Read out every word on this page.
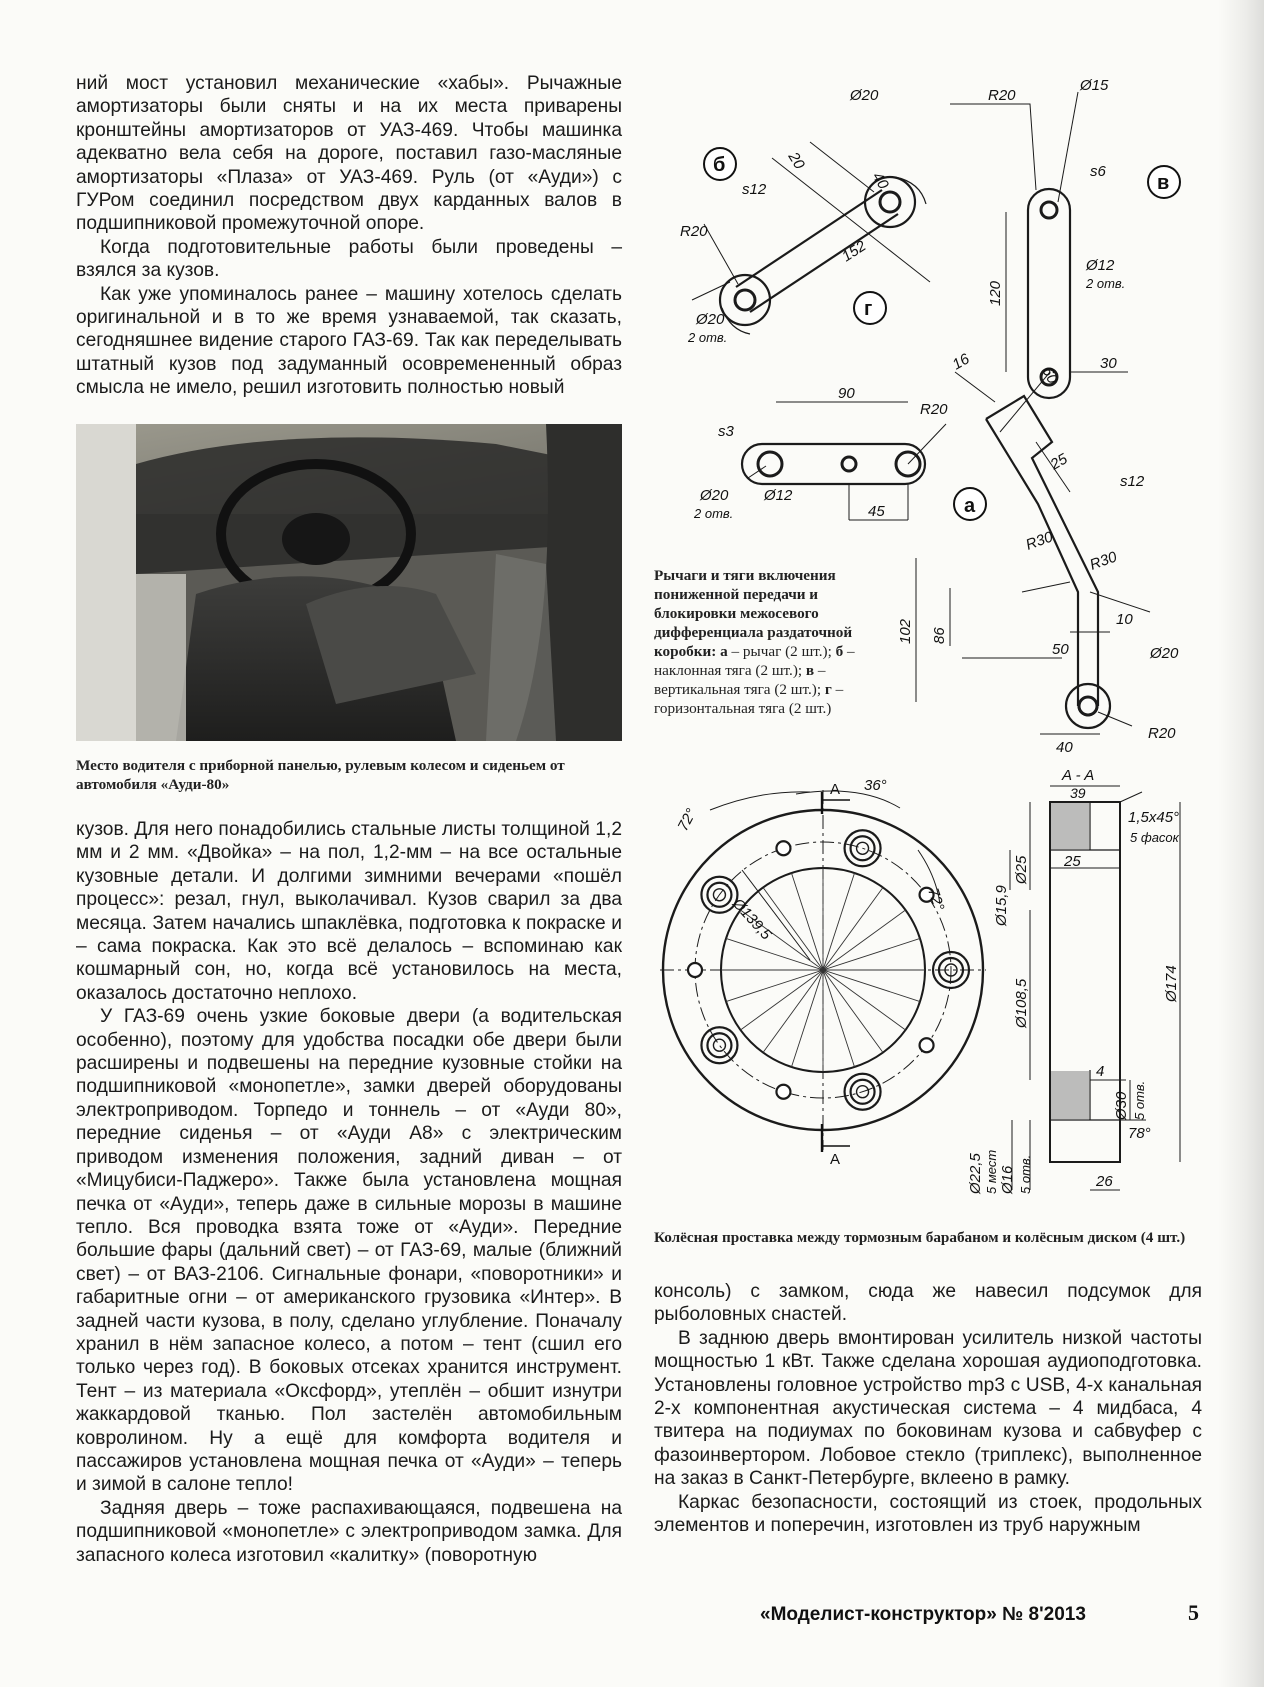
ний мост установил механические «хабы». Рычажные амортизаторы были сняты и на их места приварены кронштейны амортизаторов от УАЗ-469. Чтобы машинка адекватно вела себя на дороге, поставил газо-масляные амортизаторы «Плаза» от УАЗ-469. Руль (от «Ауди») с ГУРом соединил посредством двух карданных валов в подшипниковой промежуточной опоре.

Когда подготовительные работы были проведены – взялся за кузов.

Как уже упоминалось ранее – машину хотелось сделать оригинальной и в то же время узнаваемой, так сказать, сегодняшнее видение старого ГАЗ-69. Так как переделывать штатный кузов под задуманный осовремененный образ смысла не имело, решил изготовить полностью новый

Место водителя с приборной панелью, рулевым колесом и сиденьем от автомобиля «Ауди-80»

кузов. Для него понадобились стальные листы толщиной 1,2 мм и 2 мм. «Двойка» – на пол, 1,2-мм – на все остальные кузовные детали. И долгими зимними вечерами «пошёл процесс»: резал, гнул, выколачивал. Кузов сварил за два месяца. Затем начались шпаклёвка, подготовка к покраске и – сама покраска. Как это всё делалось – вспоминаю как кошмарный сон, но, когда всё установилось на места, оказалось достаточно неплохо.

У ГАЗ-69 очень узкие боковые двери (а водительская особенно), поэтому для удобства посадки обе двери были расширены и подвешены на передние кузовные стойки на подшипниковой «монопетле», замки дверей оборудованы электроприводом. Торпедо и тоннель – от «Ауди 80», передние сиденья – от «Ауди А8» с электрическим приводом изменения положения, задний диван – от «Мицубиси-Паджеро». Также была установлена мощная печка от «Ауди», теперь даже в сильные морозы в машине тепло. Вся проводка взята тоже от «Ауди». Передние большие фары (дальний свет) – от ГАЗ-69, малые (ближний свет) – от ВАЗ-2106. Сигнальные фонари, «поворотники» и габаритные огни – от американского грузовика «Интер». В задней части кузова, в полу, сделано углубление. Поначалу хранил в нём запасное колесо, а потом – тент (сшил его только через год). В боковых отсеках хранится инструмент. Тент – из материала «Оксфорд», утеплён – обшит изнутри жаккардовой тканью. Пол застелён автомобильным ковролином. Ну а ещё для комфорта водителя и пассажиров установлена мощная печка от «Ауди» – теперь и зимой в салоне тепло!

Задняя дверь – тоже распахивающаяся, подвешена на подшипниковой «монопетле» с электроприводом замка. Для запасного колеса изготовил «калитку» (поворотную

б
в
г
а
Ø20
R20
s12
20
40
152
Ø20
2 отв.
R20
Ø15
s6
120
Ø12
2 отв.
30
90
R20
s3
Ø20
2 отв.
Ø12
45
16
60
25
s12
R30
R30
102 86
10
50	Ø20
40
R20
Рычаги и тяги включения пониженной передачи и блокировки межосевого дифференциала раздаточной коробки: а – рычаг (2 шт.); б – наклонная тяга (2 шт.); в – вертикальная тяга (2 шт.); г – горизонтальная тяга (2 шт.)
A
A
36°
72°
72°
Ø139,5
A - A
39
1,5x45°
5 фасок
Ø25
Ø15,9
25
Ø108,5	Ø174
4
Ø30 5 отв.
78°
Ø22,5 5 мест Ø16 5 отв.	26
Колёсная проставка между тормозным барабаном и колёсным диском (4 шт.)

консоль) с замком, сюда же навесил подсумок для рыболовных снастей.

В заднюю дверь вмонтирован усилитель низкой частоты мощностью 1 кВт. Также сделана хорошая аудиоподготовка. Установлены головное устройство mp3 с USB, 4-х канальная 2-х компонентная акустическая система – 4 мидбаса, 4 твитера на подиумах по боковинам кузова и сабвуфер с фазоинвертором. Лобовое стекло (триплекс), выполненное на заказ в Санкт-Петербурге, вклеено в рамку.

Каркас безопасности, состоящий из стоек, продольных элементов и поперечин, изготовлен из труб наружным

«Моделист-конструктор» № 8'2013	5
